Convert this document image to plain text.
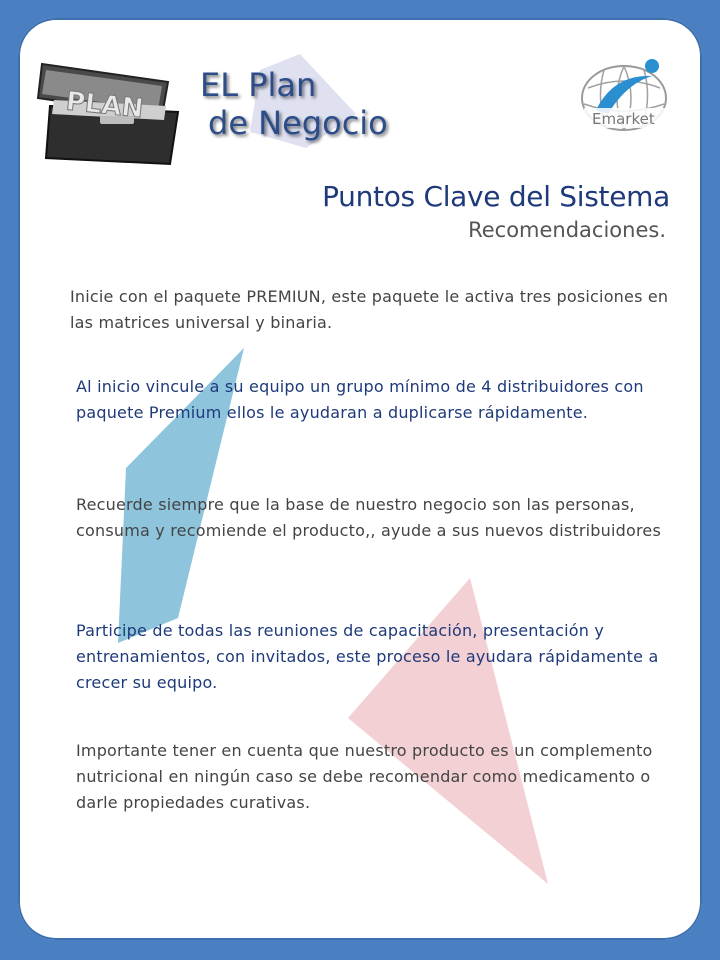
PLAN
EL Plan
de Negocio	Emarket
Puntos Clave del Sistema
Recomendaciones.
Inicie con el paquete PREMIUN, este paquete le activa tres posiciones en las matrices universal y binaria.
Al inicio vincule a su equipo un grupo mínimo de 4 distribuidores con paquete Premium ellos le ayudaran a duplicarse rápidamente.
Recuerde siempre que la base de nuestro negocio son las personas, consuma y recomiende el producto,, ayude a sus nuevos distribuidores
Participe de todas las reuniones de capacitación, presentación y entrenamientos, con invitados, este proceso le ayudara rápidamente a crecer su equipo.
Importante tener en cuenta que nuestro producto es un complemento nutricional en ningún caso se debe recomendar como medicamento o darle propiedades curativas.
